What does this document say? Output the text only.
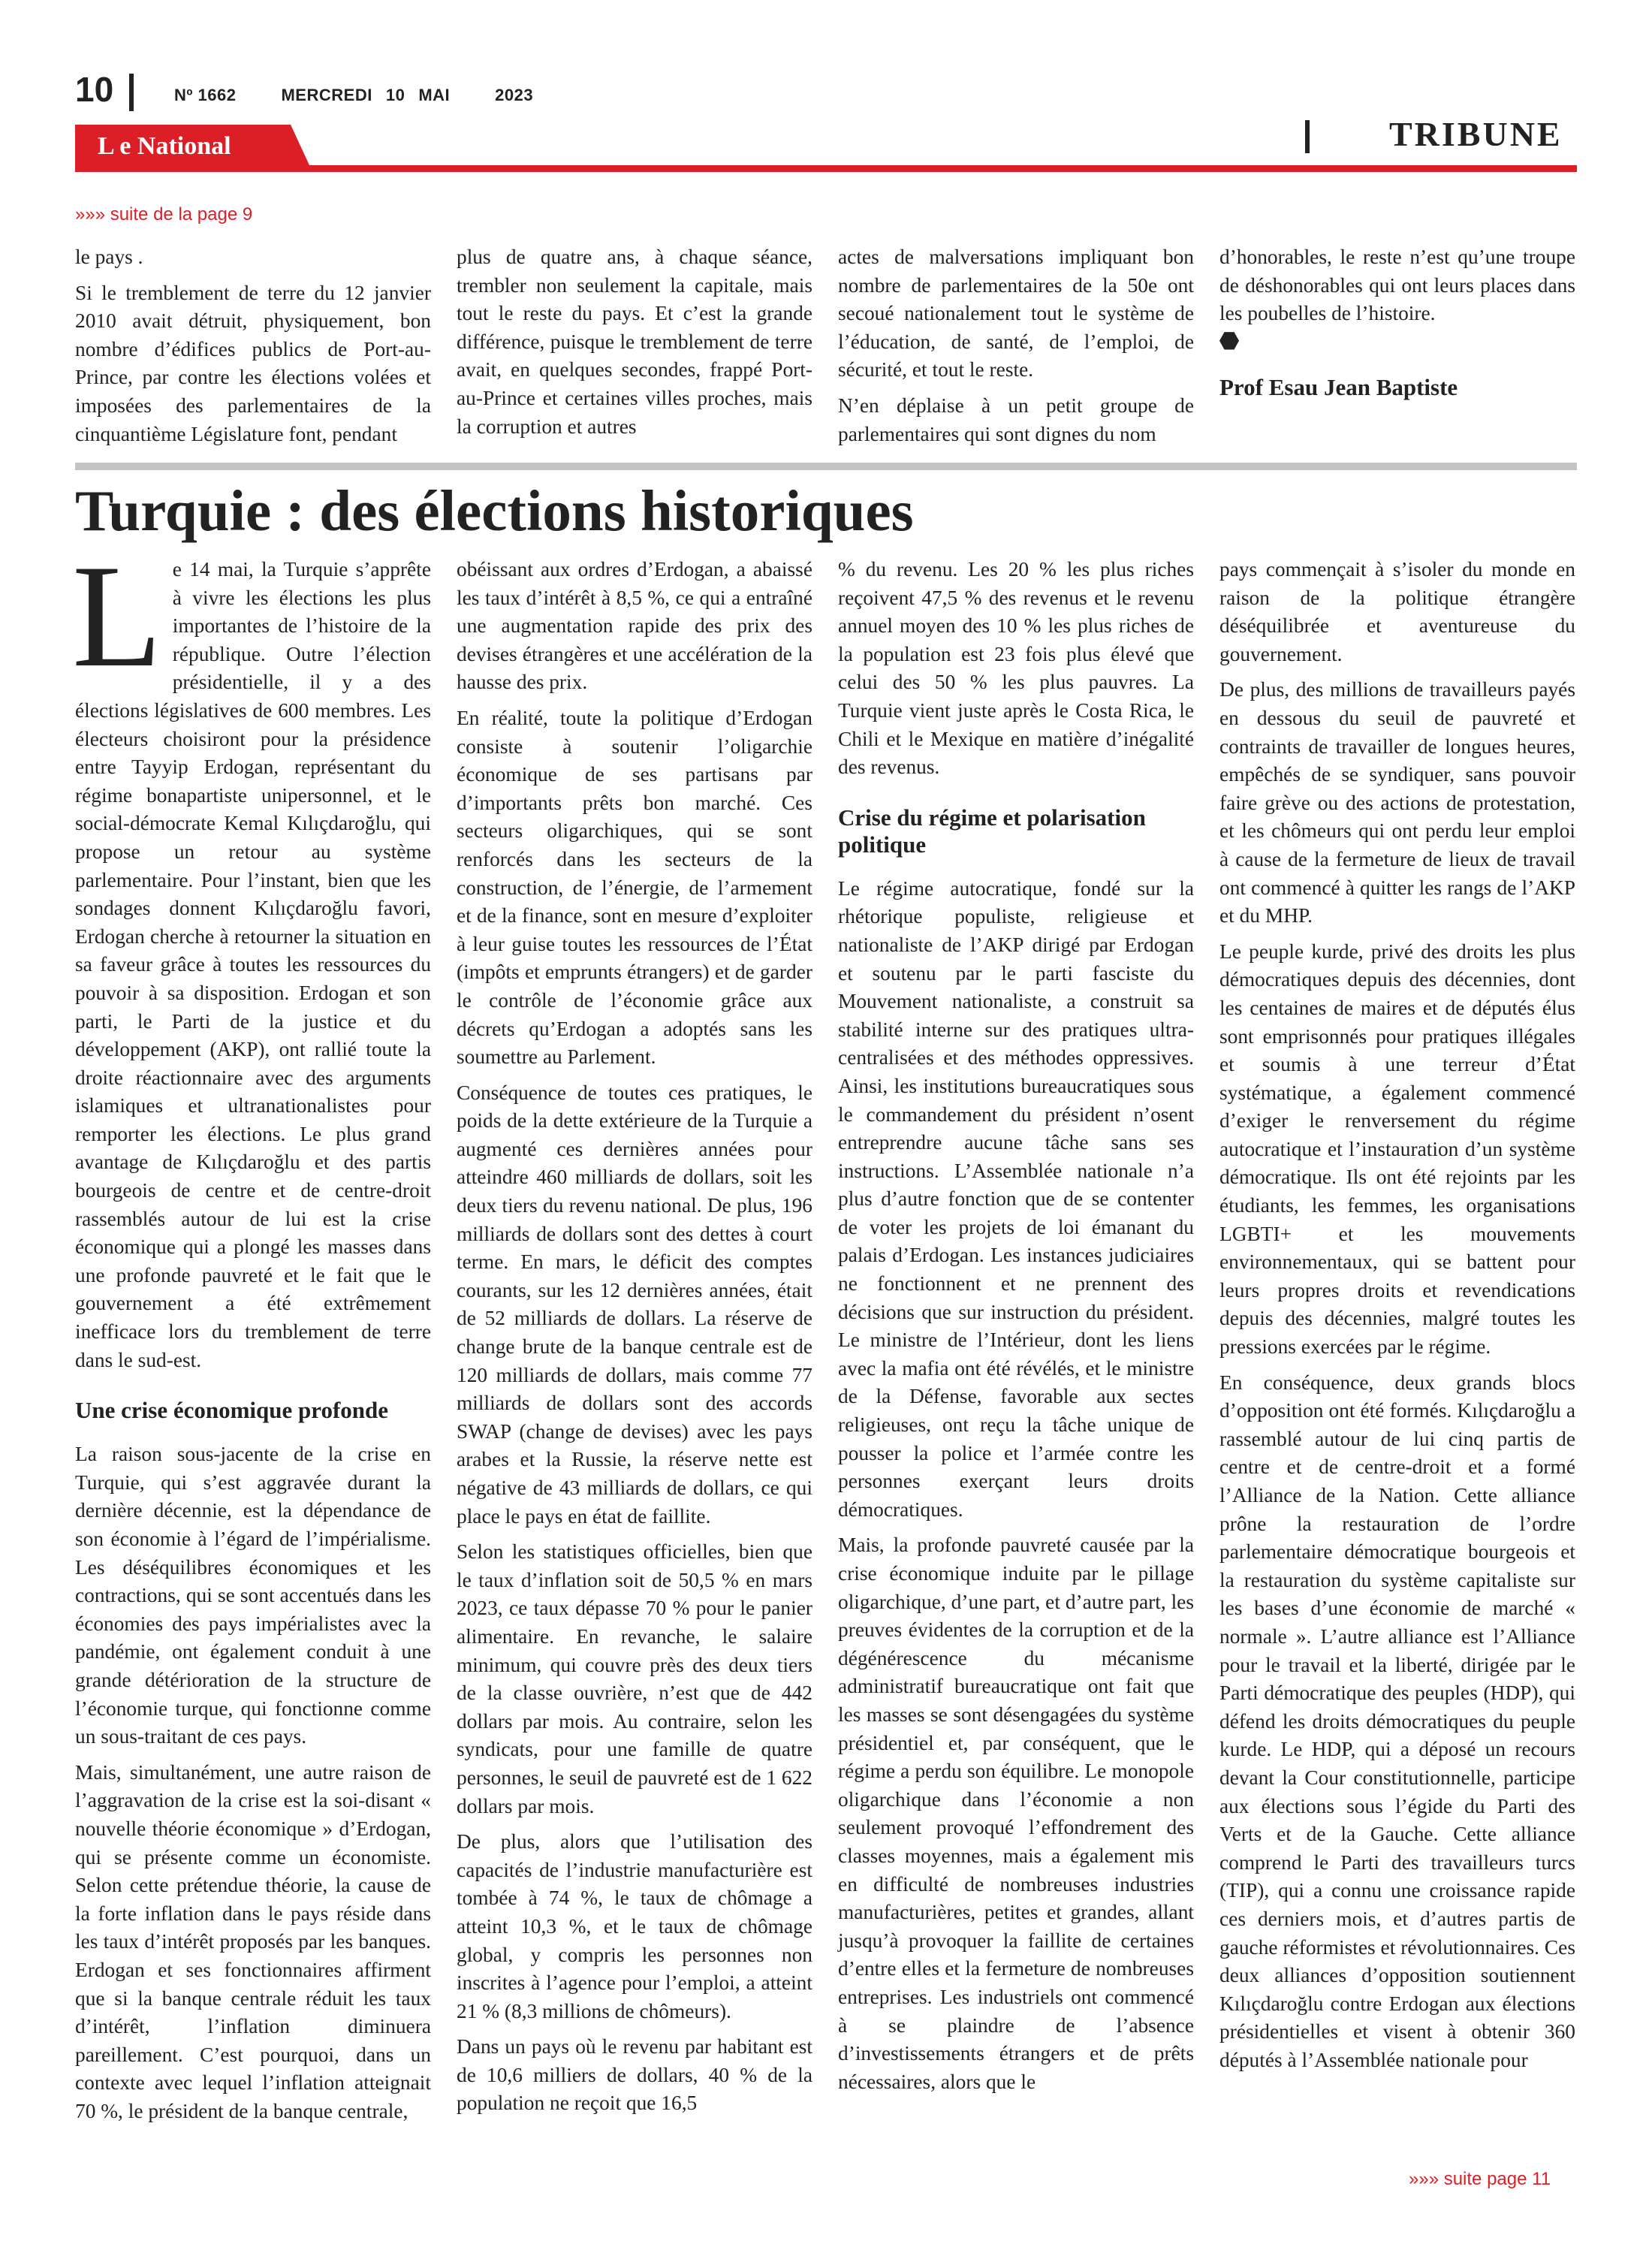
10	Nº 1662	MERCREDI 10 MAI	2023
L e National	TRIBUNE
»»» suite de la page 9

le pays .

Si le tremblement de terre du 12 janvier 2010 avait détruit, physiquement, bon nombre d’édifices publics de Port-au-Prince, par contre les élections volées et imposées des parlementaires de la cinquantième Législature font, pendant

plus de quatre ans, à chaque séance, trembler non seulement la capitale, mais tout le reste du pays. Et c’est la grande différence, puisque le tremblement de terre avait, en quelques secondes, frappé Port-au-Prince et certaines villes proches, mais la corruption et autres

actes de malversations impliquant bon nombre de parlementaires de la 50e ont secoué nationalement tout le système de l’éducation, de santé, de l’emploi, de sécurité, et tout le reste.

N’en déplaise à un petit groupe de parlementaires qui sont dignes du nom

d’honorables, le reste n’est qu’une troupe de déshonorables qui ont leurs places dans les poubelles de l’histoire.

Prof Esau Jean Baptiste
Turquie : des élections historiques

Le 14 mai, la Turquie s’apprête à vivre les élections les plus importantes de l’histoire de la république. Outre l’élection présidentielle, il y a des élections législatives de 600 membres. Les électeurs choisiront pour la présidence entre Tayyip Erdogan, représentant du régime bonapartiste unipersonnel, et le social-démocrate Kemal Kılıçdaroğlu, qui propose un retour au système parlementaire. Pour l’instant, bien que les sondages donnent Kılıçdaroğlu favori, Erdogan cherche à retourner la situation en sa faveur grâce à toutes les ressources du pouvoir à sa disposition. Erdogan et son parti, le Parti de la justice et du développement (AKP), ont rallié toute la droite réactionnaire avec des arguments islamiques et ultranationalistes pour remporter les élections. Le plus grand avantage de Kılıçdaroğlu et des partis bourgeois de centre et de centre-droit rassemblés autour de lui est la crise économique qui a plongé les masses dans une profonde pauvreté et le fait que le gouvernement a été extrêmement inefficace lors du tremblement de terre dans le sud-est.

Une crise économique profonde

La raison sous-jacente de la crise en Turquie, qui s’est aggravée durant la dernière décennie, est la dépendance de son économie à l’égard de l’impérialisme. Les déséquilibres économiques et les contractions, qui se sont accentués dans les économies des pays impérialistes avec la pandémie, ont également conduit à une grande détérioration de la structure de l’économie turque, qui fonctionne comme un sous-traitant de ces pays.

Mais, simultanément, une autre raison de l’aggravation de la crise est la soi-disant « nouvelle théorie économique » d’Erdogan, qui se présente comme un économiste. Selon cette prétendue théorie, la cause de la forte inflation dans le pays réside dans les taux d’intérêt proposés par les banques. Erdogan et ses fonctionnaires affirment que si la banque centrale réduit les taux d’intérêt, l’inflation diminuera pareillement. C’est pourquoi, dans un contexte avec lequel l’inflation atteignait 70 %, le président de la banque centrale,

obéissant aux ordres d’Erdogan, a abaissé les taux d’intérêt à 8,5 %, ce qui a entraîné une augmentation rapide des prix des devises étrangères et une accélération de la hausse des prix.

En réalité, toute la politique d’Erdogan consiste à soutenir l’oligarchie économique de ses partisans par d’importants prêts bon marché. Ces secteurs oligarchiques, qui se sont renforcés dans les secteurs de la construction, de l’énergie, de l’armement et de la finance, sont en mesure d’exploiter à leur guise toutes les ressources de l’État (impôts et emprunts étrangers) et de garder le contrôle de l’économie grâce aux décrets qu’Erdogan a adoptés sans les soumettre au Parlement.

Conséquence de toutes ces pratiques, le poids de la dette extérieure de la Turquie a augmenté ces dernières années pour atteindre 460 milliards de dollars, soit les deux tiers du revenu national. De plus, 196 milliards de dollars sont des dettes à court terme. En mars, le déficit des comptes courants, sur les 12 dernières années, était de 52 milliards de dollars. La réserve de change brute de la banque centrale est de 120 milliards de dollars, mais comme 77 milliards de dollars sont des accords SWAP (change de devises) avec les pays arabes et la Russie, la réserve nette est négative de 43 milliards de dollars, ce qui place le pays en état de faillite.

Selon les statistiques officielles, bien que le taux d’inflation soit de 50,5 % en mars 2023, ce taux dépasse 70 % pour le panier alimentaire. En revanche, le salaire minimum, qui couvre près des deux tiers de la classe ouvrière, n’est que de 442 dollars par mois. Au contraire, selon les syndicats, pour une famille de quatre personnes, le seuil de pauvreté est de 1 622 dollars par mois.

De plus, alors que l’utilisation des capacités de l’industrie manufacturière est tombée à 74 %, le taux de chômage a atteint 10,3 %, et le taux de chômage global, y compris les personnes non inscrites à l’agence pour l’emploi, a atteint 21 % (8,3 millions de chômeurs).

Dans un pays où le revenu par habitant est de 10,6 milliers de dollars, 40 % de la population ne reçoit que 16,5

% du revenu. Les 20 % les plus riches reçoivent 47,5 % des revenus et le revenu annuel moyen des 10 % les plus riches de la population est 23 fois plus élevé que celui des 50 % les plus pauvres. La Turquie vient juste après le Costa Rica, le Chili et le Mexique en matière d’inégalité des revenus.

Crise du régime et polarisation politique

Le régime autocratique, fondé sur la rhétorique populiste, religieuse et nationaliste de l’AKP dirigé par Erdogan et soutenu par le parti fasciste du Mouvement nationaliste, a construit sa stabilité interne sur des pratiques ultra-centralisées et des méthodes oppressives. Ainsi, les institutions bureaucratiques sous le commandement du président n’osent entreprendre aucune tâche sans ses instructions. L’Assemblée nationale n’a plus d’autre fonction que de se contenter de voter les projets de loi émanant du palais d’Erdogan. Les instances judiciaires ne fonctionnent et ne prennent des décisions que sur instruction du président. Le ministre de l’Intérieur, dont les liens avec la mafia ont été révélés, et le ministre de la Défense, favorable aux sectes religieuses, ont reçu la tâche unique de pousser la police et l’armée contre les personnes exerçant leurs droits démocratiques.

Mais, la profonde pauvreté causée par la crise économique induite par le pillage oligarchique, d’une part, et d’autre part, les preuves évidentes de la corruption et de la dégénérescence du mécanisme administratif bureaucratique ont fait que les masses se sont désengagées du système présidentiel et, par conséquent, que le régime a perdu son équilibre. Le monopole oligarchique dans l’économie a non seulement provoqué l’effondrement des classes moyennes, mais a également mis en difficulté de nombreuses industries manufacturières, petites et grandes, allant jusqu’à provoquer la faillite de certaines d’entre elles et la fermeture de nombreuses entreprises. Les industriels ont commencé à se plaindre de l’absence d’investissements étrangers et de prêts nécessaires, alors que le

pays commençait à s’isoler du monde en raison de la politique étrangère déséquilibrée et aventureuse du gouvernement.

De plus, des millions de travailleurs payés en dessous du seuil de pauvreté et contraints de travailler de longues heures, empêchés de se syndiquer, sans pouvoir faire grève ou des actions de protestation, et les chômeurs qui ont perdu leur emploi à cause de la fermeture de lieux de travail ont commencé à quitter les rangs de l’AKP et du MHP.

Le peuple kurde, privé des droits les plus démocratiques depuis des décennies, dont les centaines de maires et de députés élus sont emprisonnés pour pratiques illégales et soumis à une terreur d’État systématique, a également commencé d’exiger le renversement du régime autocratique et l’instauration d’un système démocratique. Ils ont été rejoints par les étudiants, les femmes, les organisations LGBTI+ et les mouvements environnementaux, qui se battent pour leurs propres droits et revendications depuis des décennies, malgré toutes les pressions exercées par le régime.

En conséquence, deux grands blocs d’opposition ont été formés. Kılıçdaroğlu a rassemblé autour de lui cinq partis de centre et de centre-droit et a formé l’Alliance de la Nation. Cette alliance prône la restauration de l’ordre parlementaire démocratique bourgeois et la restauration du système capitaliste sur les bases d’une économie de marché « normale ». L’autre alliance est l’Alliance pour le travail et la liberté, dirigée par le Parti démocratique des peuples (HDP), qui défend les droits démocratiques du peuple kurde. Le HDP, qui a déposé un recours devant la Cour constitutionnelle, participe aux élections sous l’égide du Parti des Verts et de la Gauche. Cette alliance comprend le Parti des travailleurs turcs (TIP), qui a connu une croissance rapide ces derniers mois, et d’autres partis de gauche réformistes et révolutionnaires. Ces deux alliances d’opposition soutiennent Kılıçdaroğlu contre Erdogan aux élections présidentielles et visent à obtenir 360 députés à l’Assemblée nationale pour

»»» suite page 11
